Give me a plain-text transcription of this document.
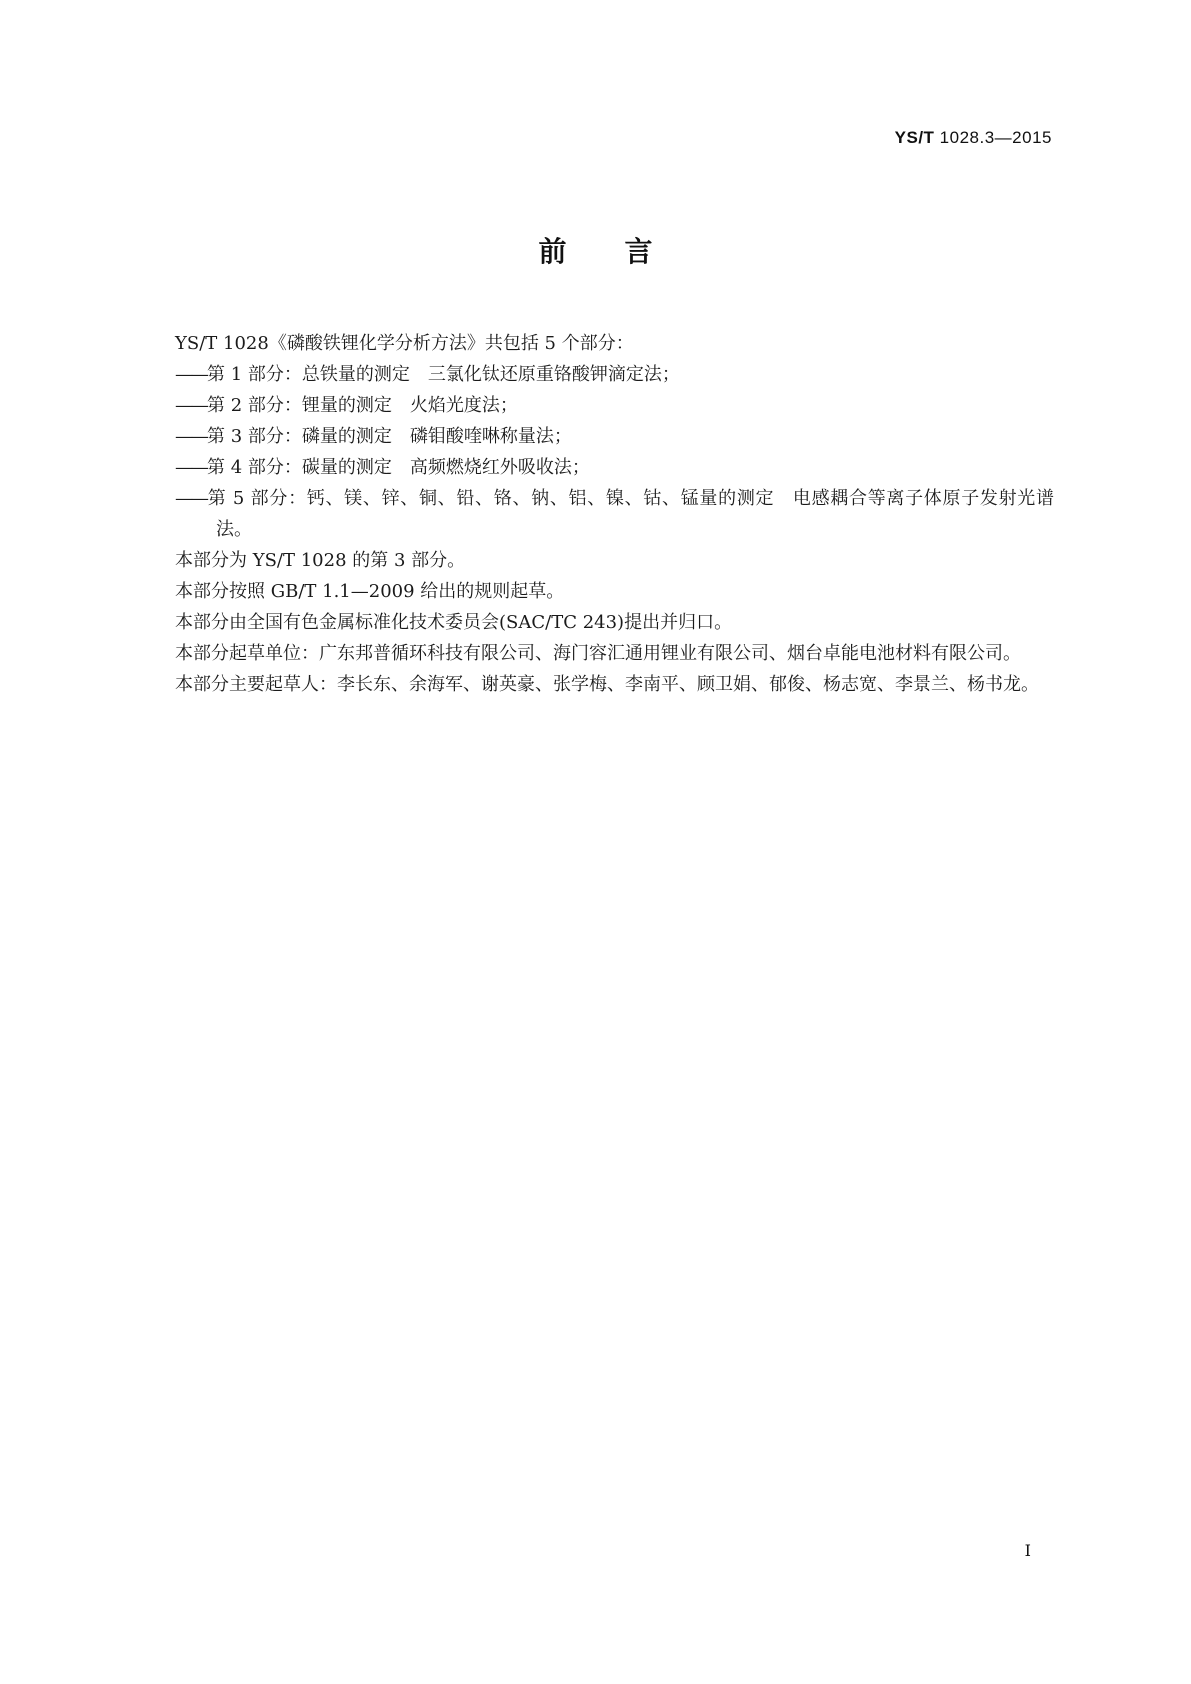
YS/T 1028.3—2015
前言

YS/T 1028《磷酸铁锂化学分析方法》共包括 5 个部分：

——第 1 部分：总铁量的测定　三氯化钛还原重铬酸钾滴定法；

——第 2 部分：锂量的测定　火焰光度法；

——第 3 部分：磷量的测定　磷钼酸喹啉称量法；

——第 4 部分：碳量的测定　高频燃烧红外吸收法；

——第 5 部分：钙、镁、锌、铜、铅、铬、钠、铝、镍、钴、锰量的测定　电感耦合等离子体原子发射光谱法。

本部分为 YS/T 1028 的第 3 部分。

本部分按照 GB/T 1.1—2009 给出的规则起草。

本部分由全国有色金属标准化技术委员会(SAC/TC 243)提出并归口。

本部分起草单位：广东邦普循环科技有限公司、海门容汇通用锂业有限公司、烟台卓能电池材料有限公司。

本部分主要起草人：李长东、余海军、谢英豪、张学梅、李南平、顾卫娟、郁俊、杨志宽、李景兰、杨书龙。

I
